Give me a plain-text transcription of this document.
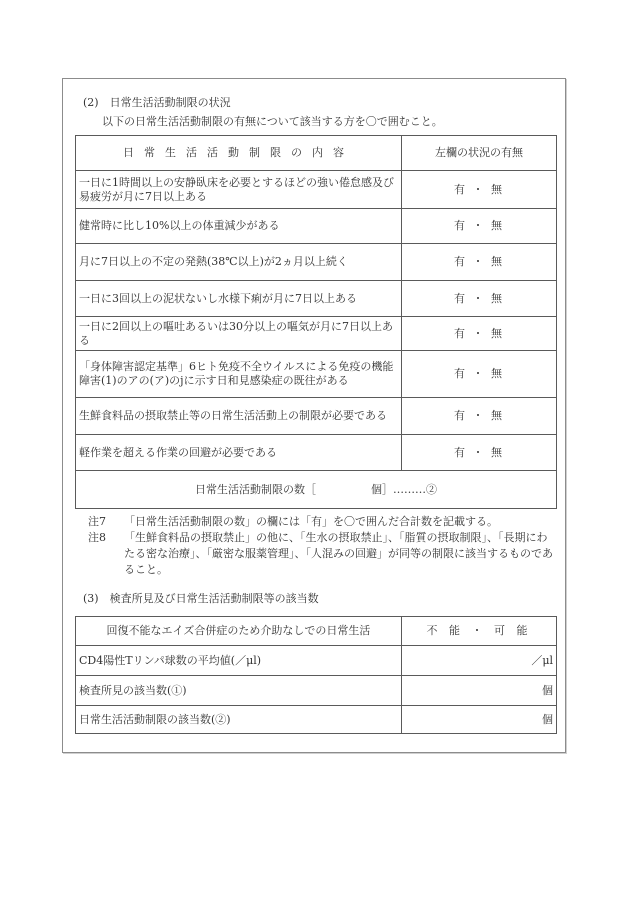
(2)　日常生活活動制限の状況
以下の日常生活活動制限の有無について該当する方を〇で囲むこと。
日常生活活動制限の内容	左欄の状況の有無
一日に1時間以上の安静臥床を必要とするほどの強い倦怠感及び易疲労が月に7日以上ある	有 ・ 無
健常時に比し10%以上の体重減少がある	有 ・ 無
月に7日以上の不定の発熱(38℃以上)が2ヵ月以上続く	有 ・ 無
一日に3回以上の泥状ないし水様下痢が月に7日以上ある	有 ・ 無
一日に2回以上の嘔吐あるいは30分以上の嘔気が月に7日以上ある	有 ・ 無
「身体障害認定基準」6ヒト免疫不全ウイルスによる免疫の機能障害(1)のアの(ア)のjに示す日和見感染症の既往がある	有 ・ 無
生鮮食料品の摂取禁止等の日常生活活動上の制限が必要である	有 ・ 無
軽作業を超える作業の回避が必要である	有 ・ 無
日常生活活動制限の数［　　　　　個］………②	
注7	「日常生活活動制限の数」の欄には「有」を〇で囲んだ合計数を記載する。
注8	「生鮮食料品の摂取禁止」の他に、「生水の摂取禁止」、「脂質の摂取制限」、「長期にわたる密な治療」、「厳密な服薬管理」、「人混みの回避」が同等の制限に該当するものであること。
(3)　検査所見及び日常生活活動制限等の該当数
回復不能なエイズ合併症のため介助なしでの日常生活	不 能 ・ 可 能
CD4陽性Tリンパ球数の平均値(／μl)	／μl
検査所見の該当数(①)	個
日常生活活動制限の該当数(②)	個
